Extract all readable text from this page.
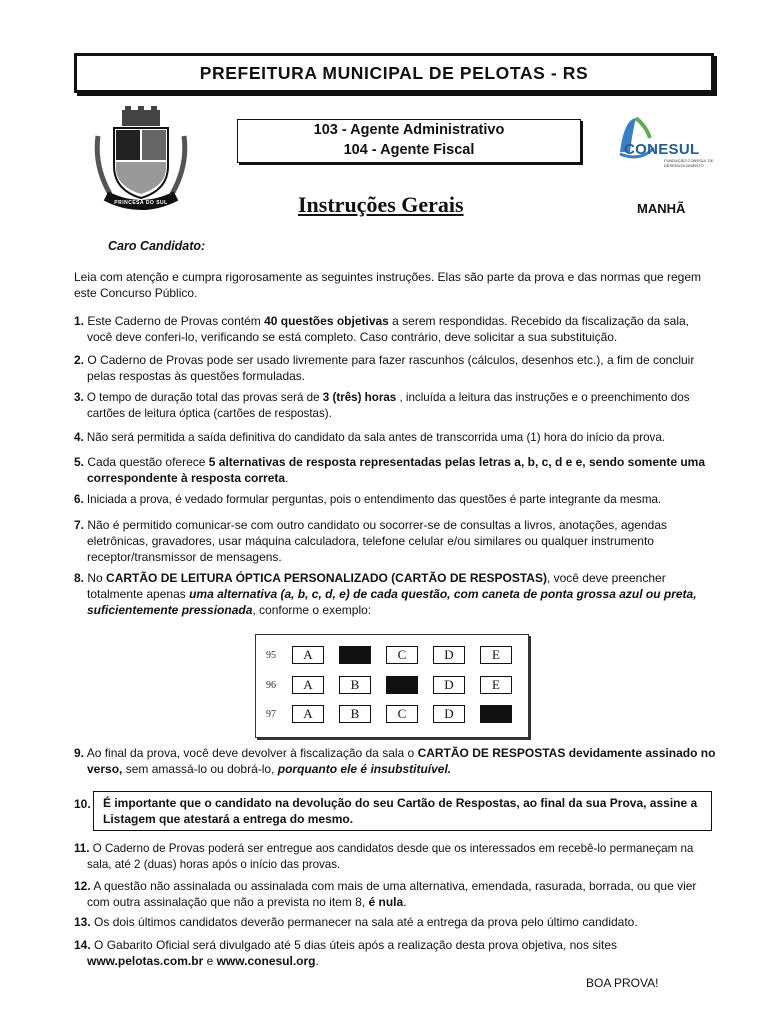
PREFEITURA MUNICIPAL DE PELOTAS - RS
PRINCESA DO SUL
103 - Agente Administrativo
104 - Agente Fiscal	CONESUL
FUNDAÇÃO CONESUL DE DESENVOLVIMENTO
Instruções Gerais	MANHÃ
Caro Candidato:
Leia com atenção e cumpra rigorosamente as seguintes instruções. Elas são parte da prova e das normas que regem este Concurso Público.
1. Este Caderno de Provas contém 40 questões objetivas a serem respondidas. Recebido da fiscalização da sala, você deve conferi-lo, verificando se está completo. Caso contrário, deve solicitar a sua substituição.
2. O Caderno de Provas pode ser usado livremente para fazer rascunhos (cálculos, desenhos etc.), a fim de concluir pelas respostas às questões formuladas.
3. O tempo de duração total das provas será de 3 (três) horas , incluída a leitura das instruções e o preenchimento dos cartões de leitura óptica (cartões de respostas).
4. Não será permitida a saída definitiva do candidato da sala antes de transcorrida uma (1) hora do início da prova.
5. Cada questão oferece 5 alternativas de resposta representadas pelas letras a, b, c, d e e, sendo somente uma correspondente à resposta correta.
6. Iniciada a prova, é vedado formular perguntas, pois o entendimento das questões é parte integrante da mesma.
7. Não é permitido comunicar-se com outro candidato ou socorrer-se de consultas a livros, anotações, agendas eletrônicas, gravadores, usar máquina calculadora, telefone celular e/ou similares ou qualquer instrumento receptor/transmissor de mensagens.
8. No CARTÃO DE LEITURA ÓPTICA PERSONALIZADO (CARTÃO DE RESPOSTAS), você deve preencher totalmente apenas uma alternativa (a, b, c, d, e) de cada questão, com caneta de ponta grossa azul ou preta, suficientemente pressionada, conforme o exemplo:
95	A	B	C	D	E
96	A	B	C	D	E
97	A	B	C	D	E
9. Ao final da prova, você deve devolver à fiscalização da sala o CARTÃO DE RESPOSTAS devidamente assinado no verso, sem amassá-lo ou dobrá-lo, porquanto ele é insubstituível.
10.	É importante que o candidato na devolução do seu Cartão de Respostas, ao final da sua Prova, assine a Listagem que atestará a entrega do mesmo.
11. O Caderno de Provas poderá ser entregue aos candidatos desde que os interessados em recebê-lo permaneçam na sala, até 2 (duas) horas após o início das provas.
12. A questão não assinalada ou assinalada com mais de uma alternativa, emendada, rasurada, borrada, ou que vier com outra assinalação que não a prevista no item 8, é nula.
13. Os dois últimos candidatos deverão permanecer na sala até a entrega da prova pelo último candidato.
14. O Gabarito Oficial será divulgado até 5 dias úteis após a realização desta prova objetiva, nos sites www.pelotas.com.br e www.conesul.org.
BOA PROVA!
